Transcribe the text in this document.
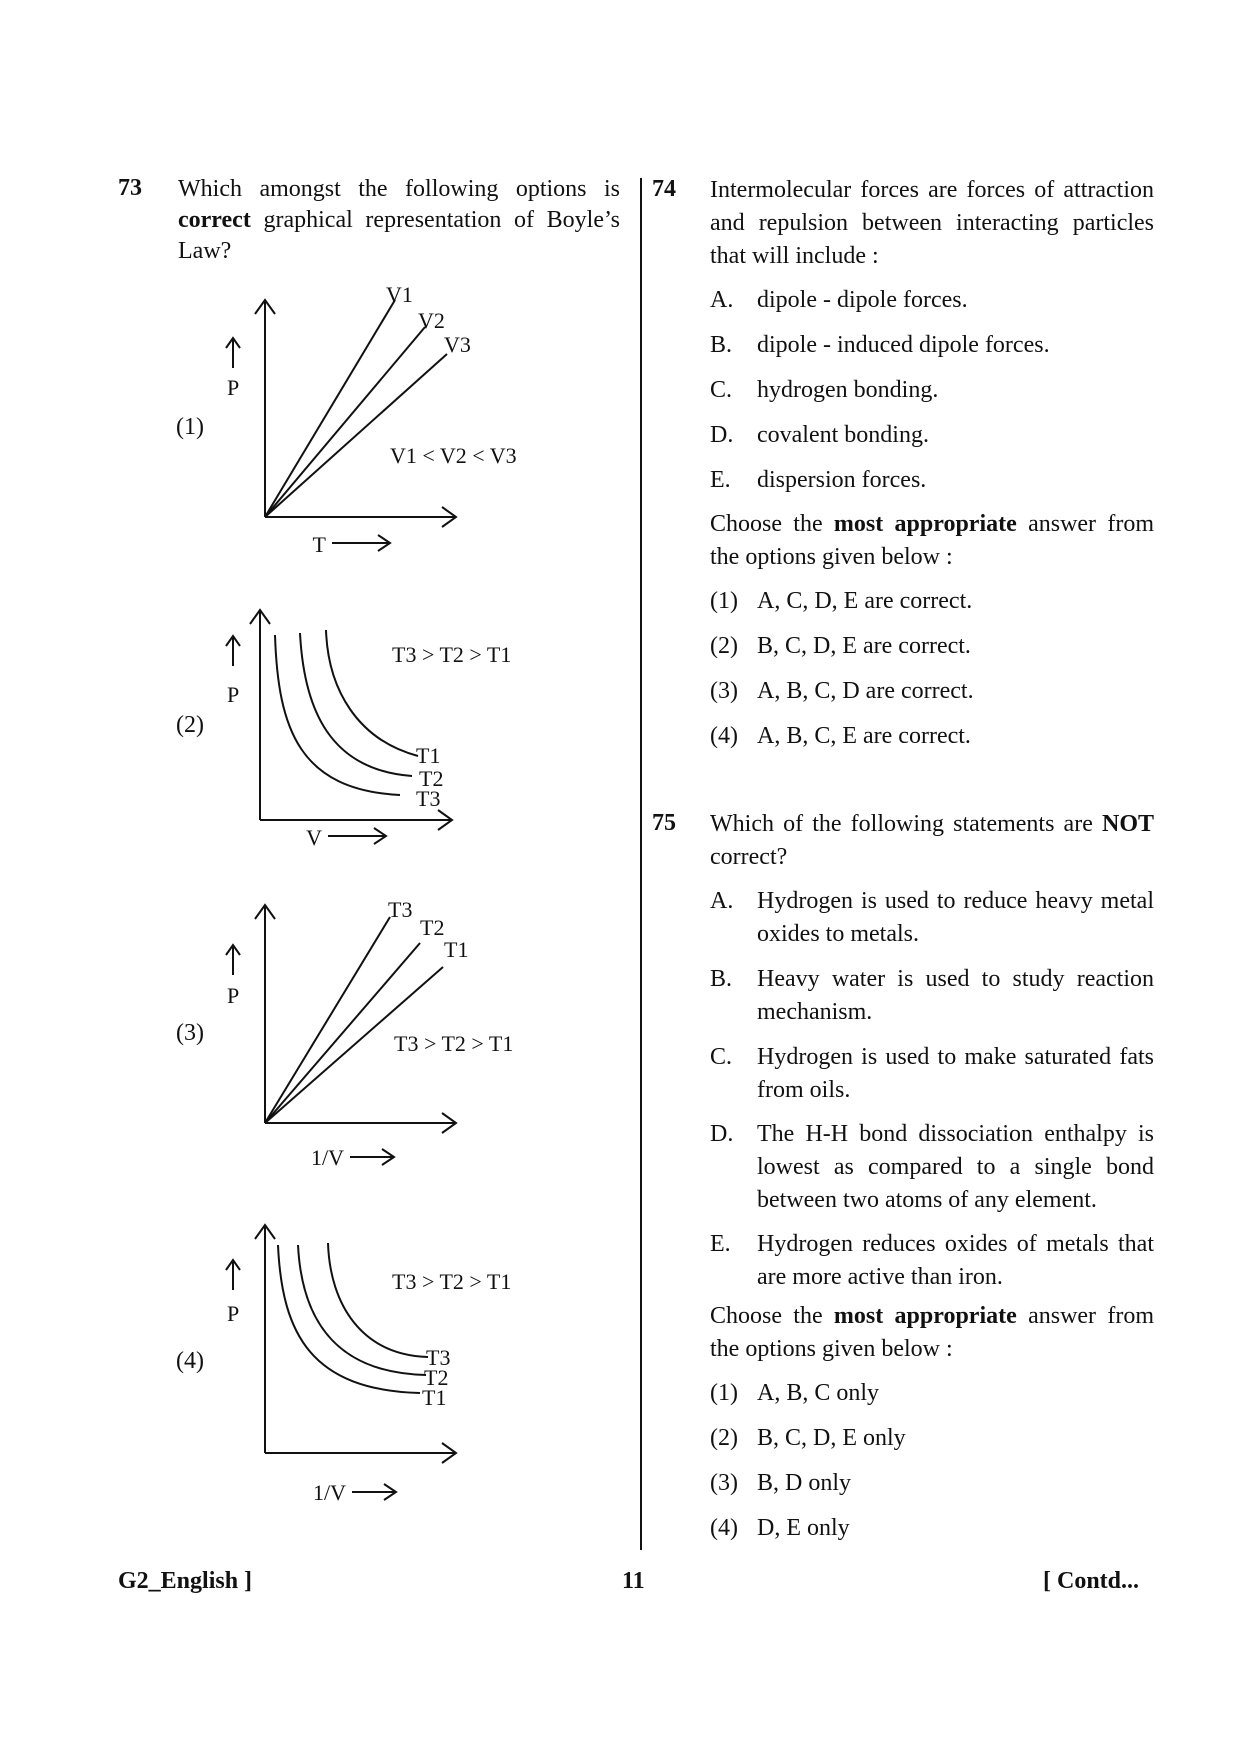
73 Which amongst the following options is correct graphical representation of Boyle’s Law?
(1)
(2)
(3)
(4)
P
T
V1
V2
V3
V1 < V2 < V3
P
V
T1
T2
T3
T3 > T2 > T1
P
1/V
T3
T2
T1
T3 > T2 > T1
P
1/V
T3
T2
T1
T3 > T2 > T1
74 Intermolecular forces are forces of attraction and repulsion between interacting particles that will include :
A. dipole - dipole forces.
B. dipole - induced dipole forces.
C. hydrogen bonding.
D. covalent bonding.
E. dispersion forces.
Choose the most appropriate answer from the options given below :
(1) A, C, D, E are correct.
(2) B, C, D, E are correct.
(3) A, B, C, D are correct.
(4) A, B, C, E are correct.
75 Which of the following statements are NOT correct?
A. Hydrogen is used to reduce heavy metal oxides to metals.
B. Heavy water is used to study reaction mechanism.
C. Hydrogen is used to make saturated fats from oils.
D. The H-H bond dissociation enthalpy is lowest as compared to a single bond between two atoms of any element.
E. Hydrogen reduces oxides of metals that are more active than iron.
Choose the most appropriate answer from the options given below :
(1) A, B, C only
(2) B, C, D, E only
(3) B, D only
(4) D, E only
G2_English ]	11	[ Contd...
